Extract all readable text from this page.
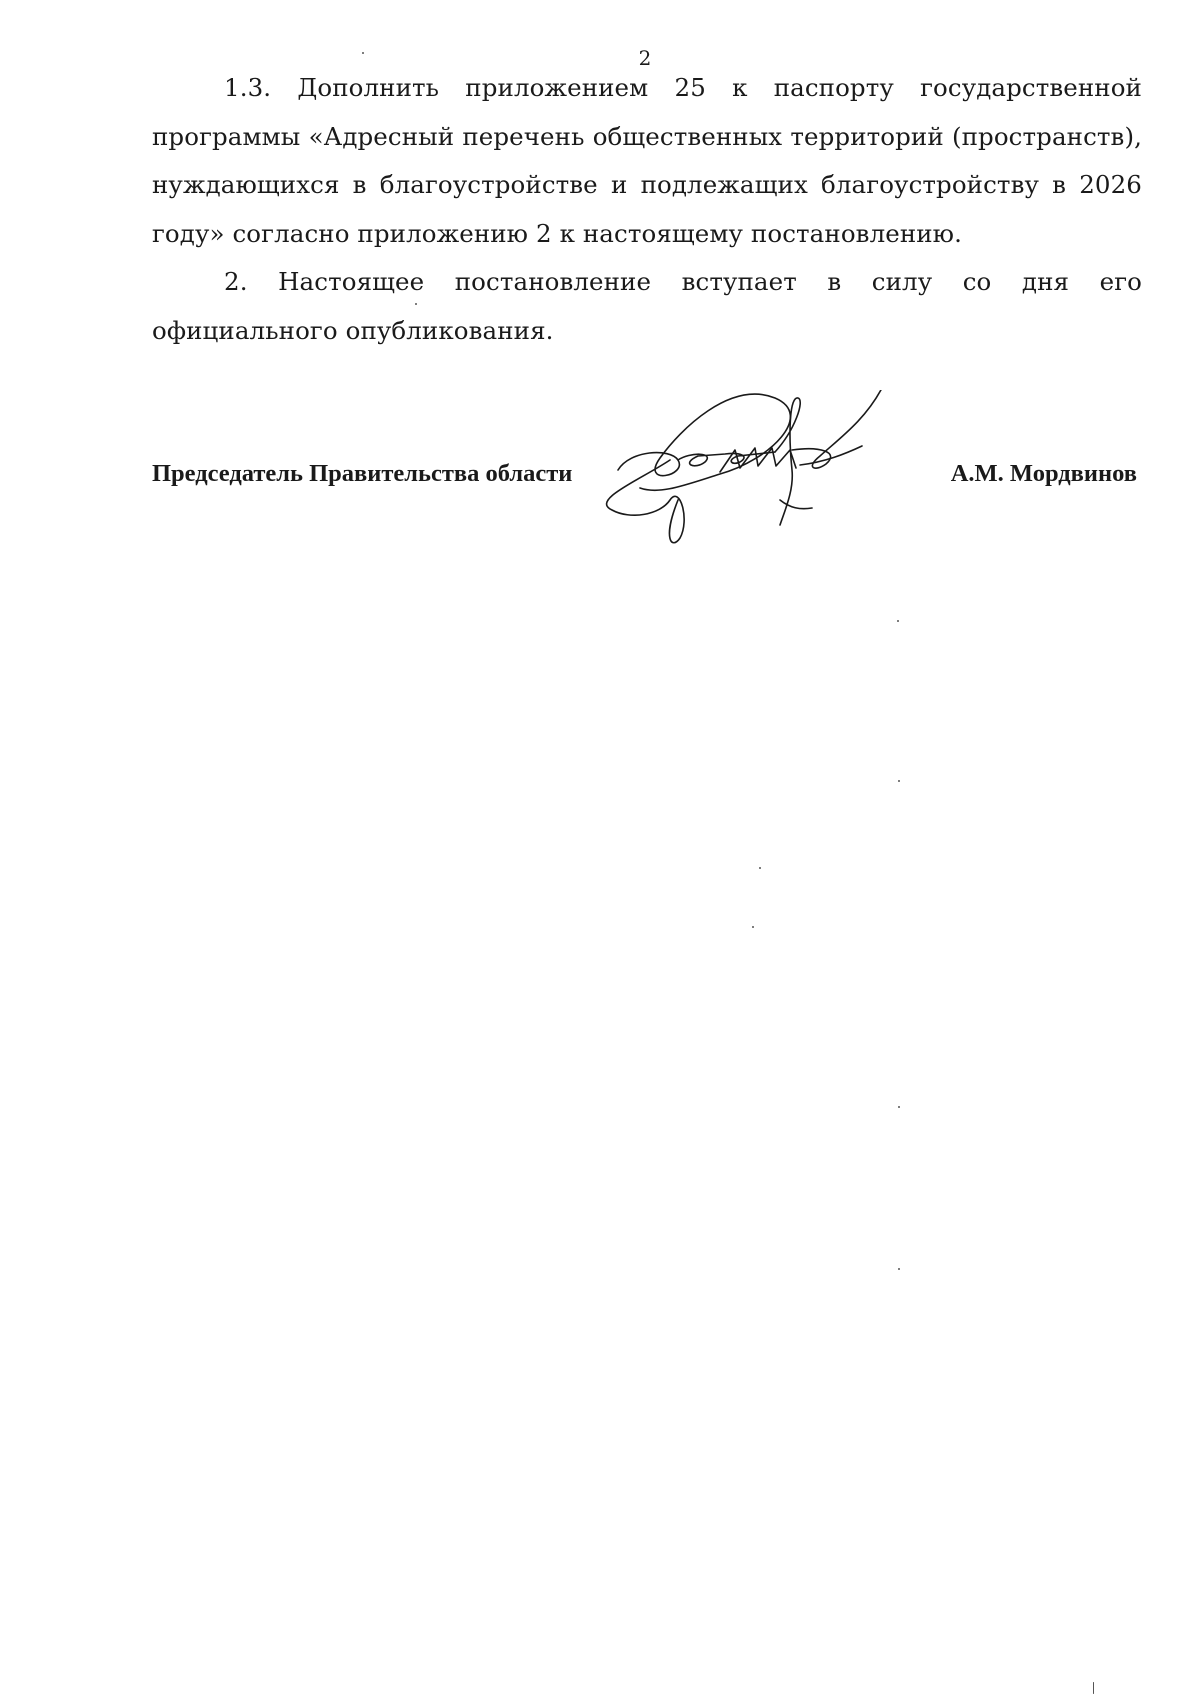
2

1.3. Дополнить приложением 25 к паспорту государственной программы «Адресный перечень общественных территорий (пространств), нуждающихся в благоустройстве и подлежащих благоустройству в 2026 году» согласно приложению 2 к настоящему постановлению.

2. Настоящее постановление вступает в силу со дня его официального опубликования.

Председатель Правительства области	А.М. Мордвинов
